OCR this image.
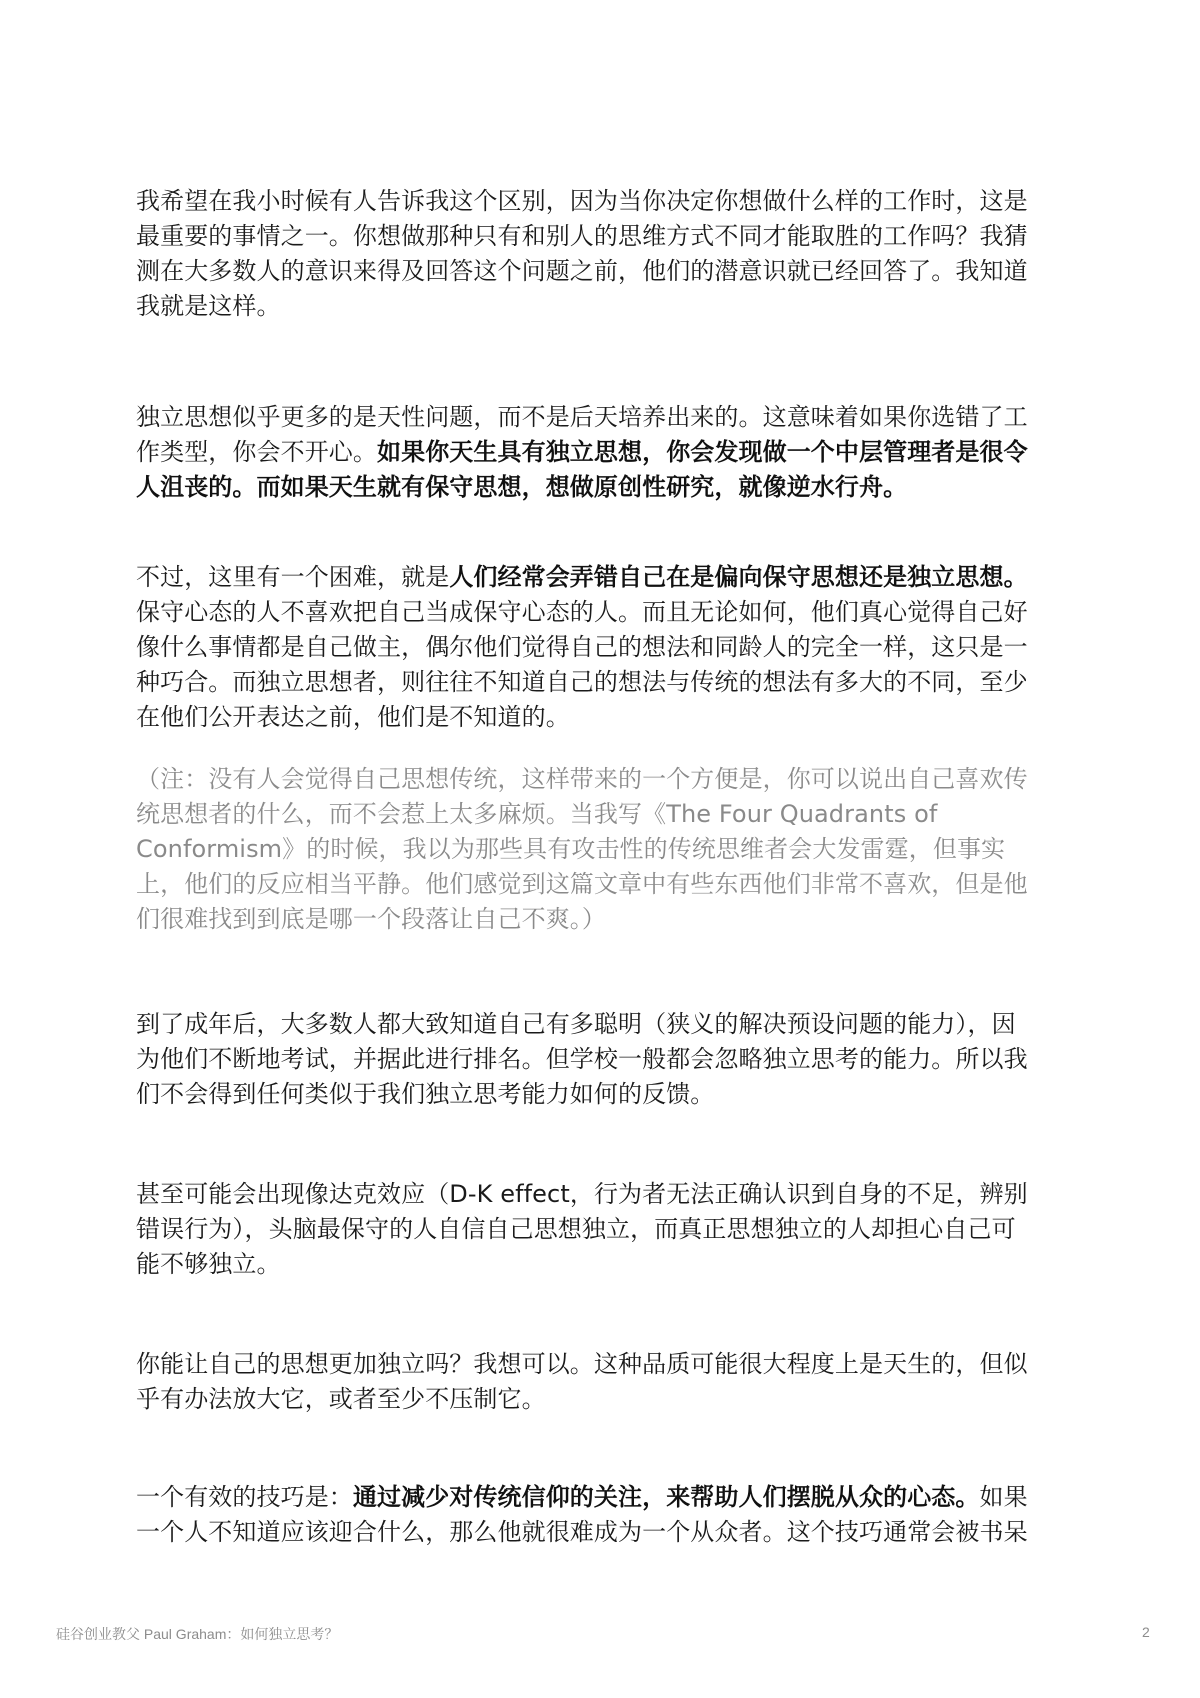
我希望在我小时候有人告诉我这个区别，因为当你决定你想做什么样的工作时，这是
最重要的事情之一。你想做那种只有和别人的思维方式不同才能取胜的工作吗？我猜
测在大多数人的意识来得及回答这个问题之前，他们的潜意识就已经回答了。我知道
我就是这样。
独立思想似乎更多的是天性问题，而不是后天培养出来的。这意味着如果你选错了工
作类型，你会不开心。如果你天生具有独立思想，你会发现做一个中层管理者是很令
人沮丧的。而如果天生就有保守思想，想做原创性研究，就像逆水行舟。
不过，这里有一个困难，就是人们经常会弄错自己在是偏向保守思想还是独立思想。
保守心态的人不喜欢把自己当成保守心态的人。而且无论如何，他们真心觉得自己好
像什么事情都是自己做主，偶尔他们觉得自己的想法和同龄人的完全一样，这只是一
种巧合。而独立思想者，则往往不知道自己的想法与传统的想法有多大的不同，至少
在他们公开表达之前，他们是不知道的。
（注：没有人会觉得自己思想传统，这样带来的一个方便是，你可以说出自己喜欢传
统思想者的什么，而不会惹上太多麻烦。当我写《The Four Quadrants of
Conformism》的时候，我以为那些具有攻击性的传统思维者会大发雷霆，但事实
上，他们的反应相当平静。他们感觉到这篇文章中有些东西他们非常不喜欢，但是他
们很难找到到底是哪一个段落让自己不爽。）
到了成年后，大多数人都大致知道自己有多聪明（狭义的解决预设问题的能力），因
为他们不断地考试，并据此进行排名。但学校一般都会忽略独立思考的能力。所以我
们不会得到任何类似于我们独立思考能力如何的反馈。
甚至可能会出现像达克效应（D-K effect，行为者无法正确认识到自身的不足，辨别
错误行为），头脑最保守的人自信自己思想独立，而真正思想独立的人却担心自己可
能不够独立。
你能让自己的思想更加独立吗？我想可以。这种品质可能很大程度上是天生的，但似
乎有办法放大它，或者至少不压制它。
一个有效的技巧是：通过减少对传统信仰的关注，来帮助人们摆脱从众的心态。如果
一个人不知道应该迎合什么，那么他就很难成为一个从众者。这个技巧通常会被书呆
硅谷创业教父 Paul Graham：如何独立思考？	2
